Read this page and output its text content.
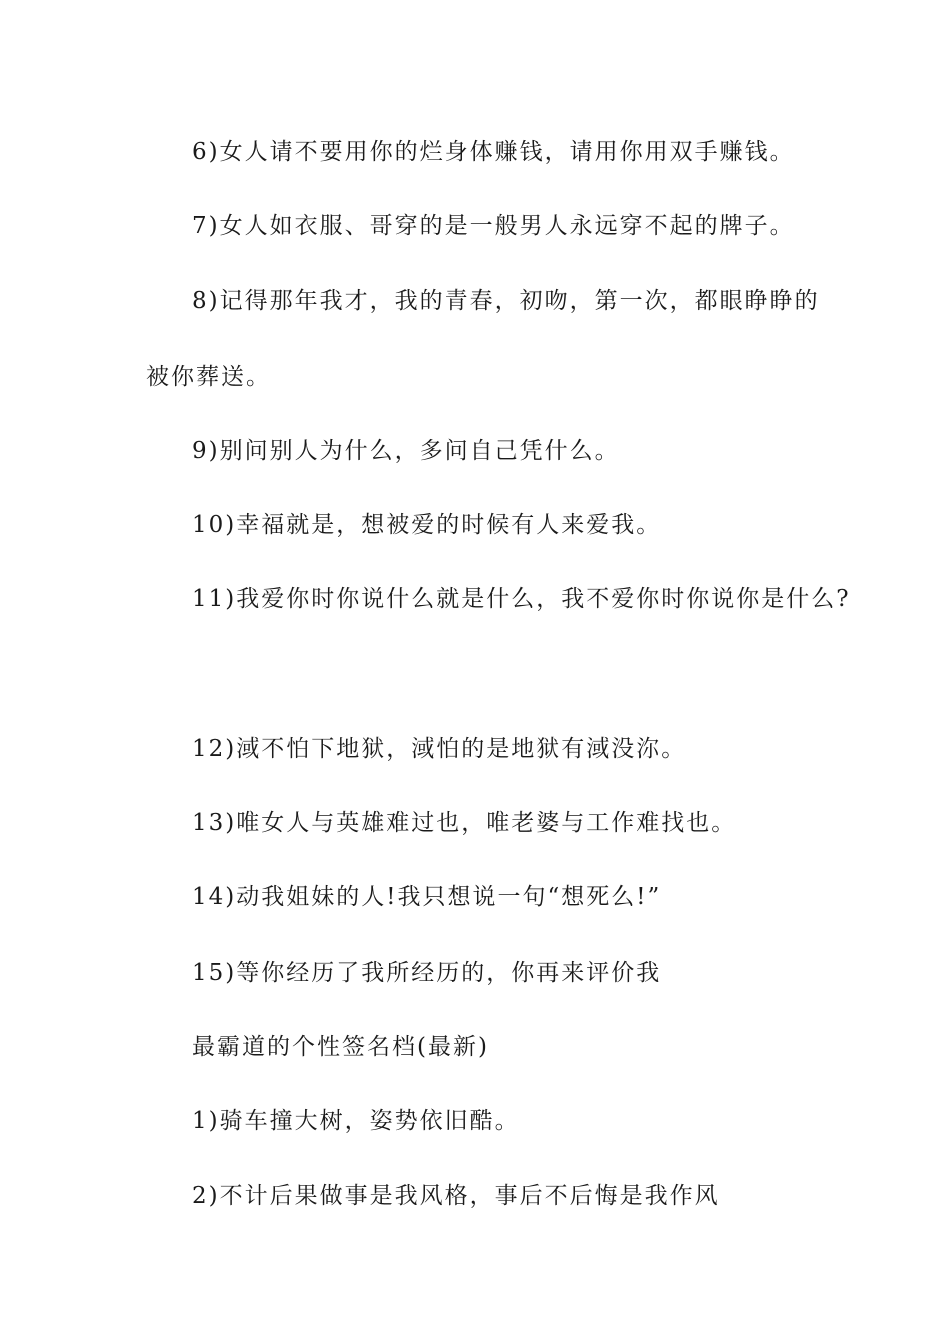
6)女人请不要用你的烂身体赚钱，请用你用双手赚钱。
7)女人如衣服、哥穿的是一般男人永远穿不起的牌子。
8)记得那年我才，我的青春，初吻，第一次，都眼睁睁的
被你葬送。
9)别问别人为什么，多问自己凭什么。
10)幸福就是，想被爱的时候有人来爱我。
11)我爱你时你说什么就是什么，我不爱你时你说你是什么?
12)淢不怕下地狱，淢怕的是地狱有淢没沵。
13)唯女人与英雄难过也，唯老婆与工作难找也。
14)动我姐妹的人!我只想说一句“想死么!”
15)等你经历了我所经历的，你再来评价我
最霸道的个性签名档(最新)
1)骑车撞大树，姿势依旧酷。
2)不计后果做事是我风格，事后不后悔是我作风
